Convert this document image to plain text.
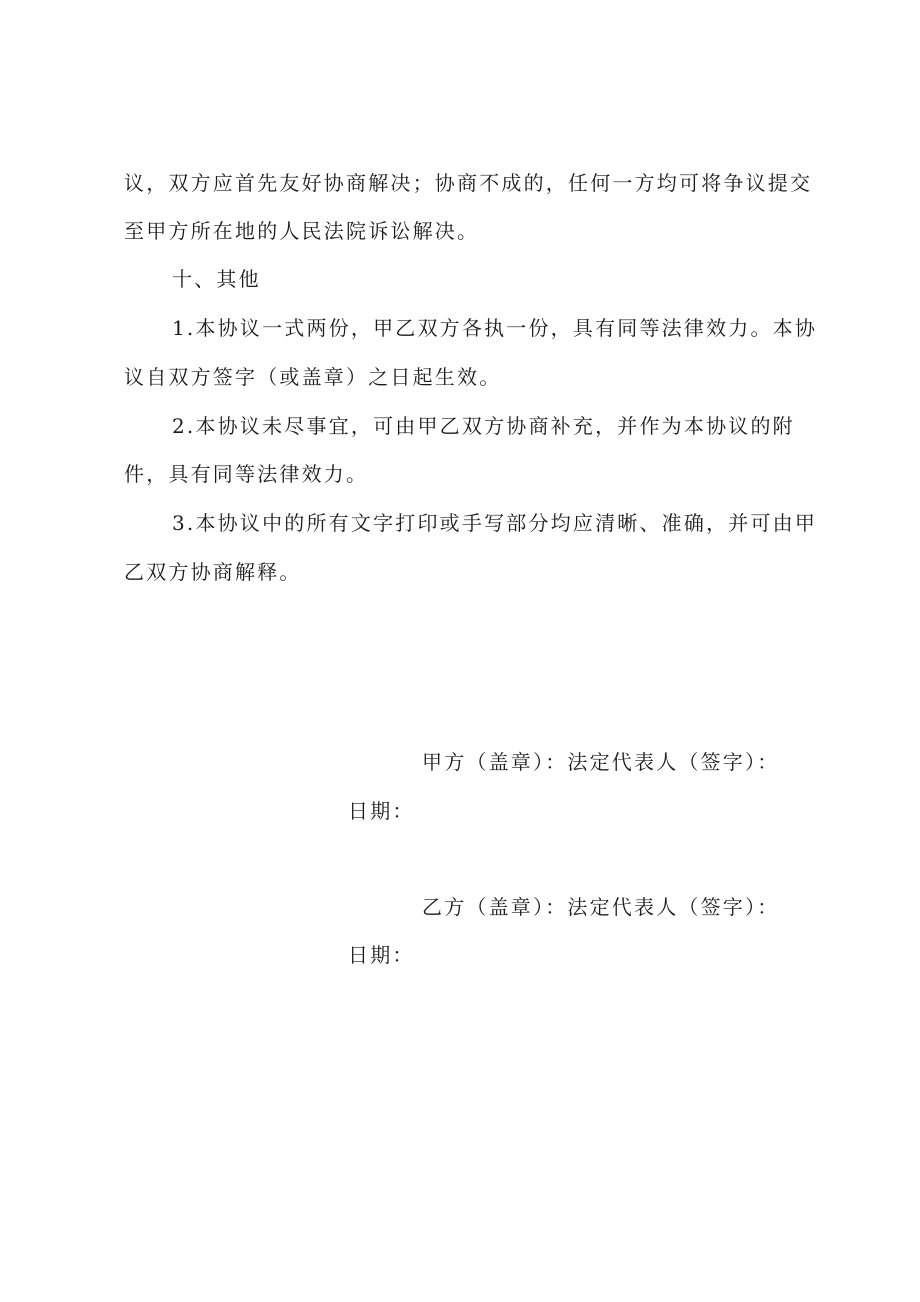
议，双方应首先友好协商解决；协商不成的，任何一方均可将争议提交
至甲方所在地的人民法院诉讼解决。
十、其他
1.本协议一式两份，甲乙双方各执一份，具有同等法律效力。本协
议自双方签字（或盖章）之日起生效。
2.本协议未尽事宜，可由甲乙双方协商补充，并作为本协议的附
件，具有同等法律效力。
3.本协议中的所有文字打印或手写部分均应清晰、准确，并可由甲
乙双方协商解释。
甲方（盖章）：法定代表人（签字）：
日期：
乙方（盖章）：法定代表人（签字）：
日期：
